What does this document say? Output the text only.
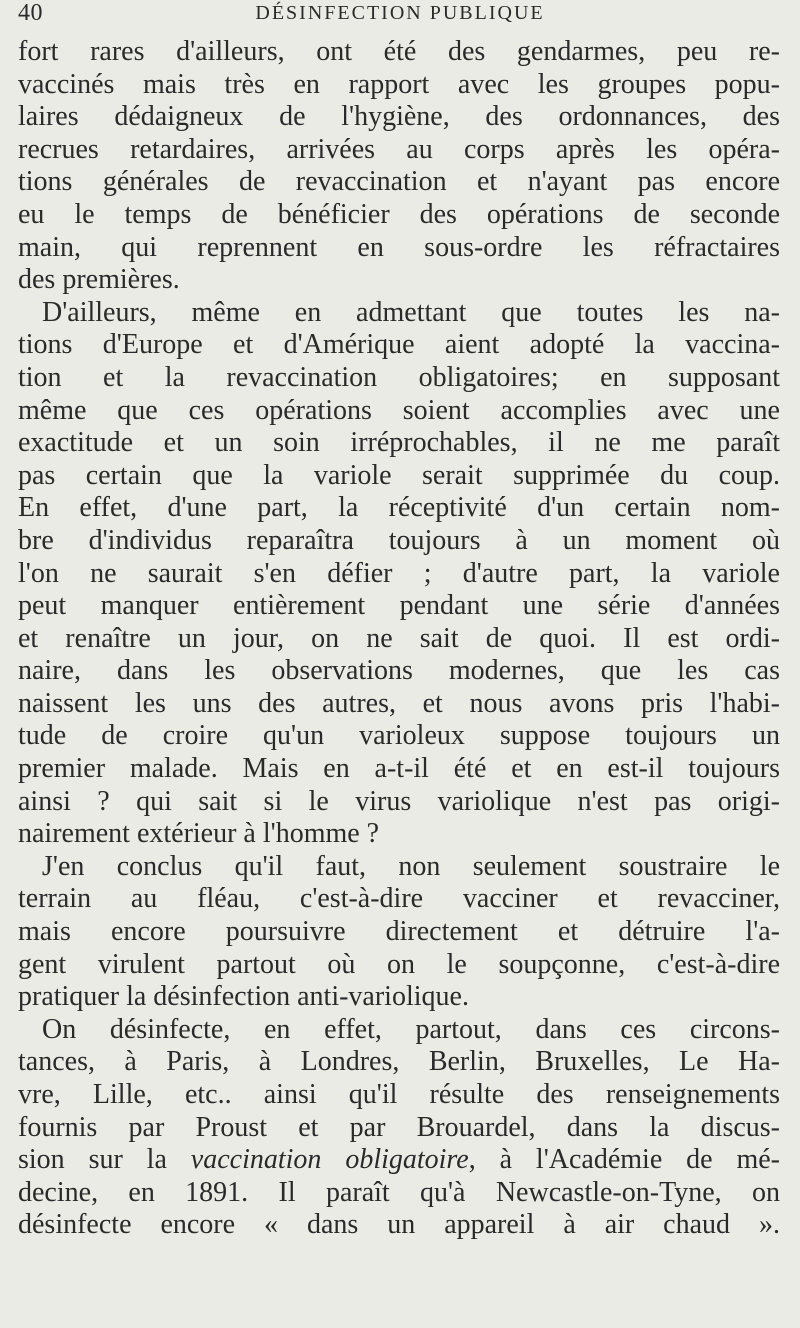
40	DÉSINFECTION PUBLIQUE
fort rares d'ailleurs, ont été des gendarmes, peu re-
vaccinés mais très en rapport avec les groupes popu-
laires dédaigneux de l'hygiène, des ordonnances, des
recrues retardaires, arrivées au corps après les opéra-
tions générales de revaccination et n'ayant pas encore
eu le temps de bénéficier des opérations de seconde
main, qui reprennent en sous-ordre les réfractaires
des premières.
D'ailleurs, même en admettant que toutes les na-
tions d'Europe et d'Amérique aient adopté la vaccina-
tion et la revaccination obligatoires; en supposant
même que ces opérations soient accomplies avec une
exactitude et un soin irréprochables, il ne me paraît
pas certain que la variole serait supprimée du coup.
En effet, d'une part, la réceptivité d'un certain nom-
bre d'individus reparaîtra toujours à un moment où
l'on ne saurait s'en défier ; d'autre part, la variole
peut manquer entièrement pendant une série d'années
et renaître un jour, on ne sait de quoi. Il est ordi-
naire, dans les observations modernes, que les cas
naissent les uns des autres, et nous avons pris l'habi-
tude de croire qu'un varioleux suppose toujours un
premier malade. Mais en a-t-il été et en est-il toujours
ainsi ? qui sait si le virus variolique n'est pas origi-
nairement extérieur à l'homme ?
J'en conclus qu'il faut, non seulement soustraire le
terrain au fléau, c'est-à-dire vacciner et revacciner,
mais encore poursuivre directement et détruire l'a-
gent virulent partout où on le soupçonne, c'est-à-dire
pratiquer la désinfection anti-variolique.
On désinfecte, en effet, partout, dans ces circons-
tances, à Paris, à Londres, Berlin, Bruxelles, Le Ha-
vre, Lille, etc.. ainsi qu'il résulte des renseignements
fournis par Proust et par Brouardel, dans la discus-
sion sur la vaccination obligatoire, à l'Académie de mé-
decine, en 1891. Il paraît qu'à Newcastle-on-Tyne, on
désinfecte encore « dans un appareil à air chaud ».
